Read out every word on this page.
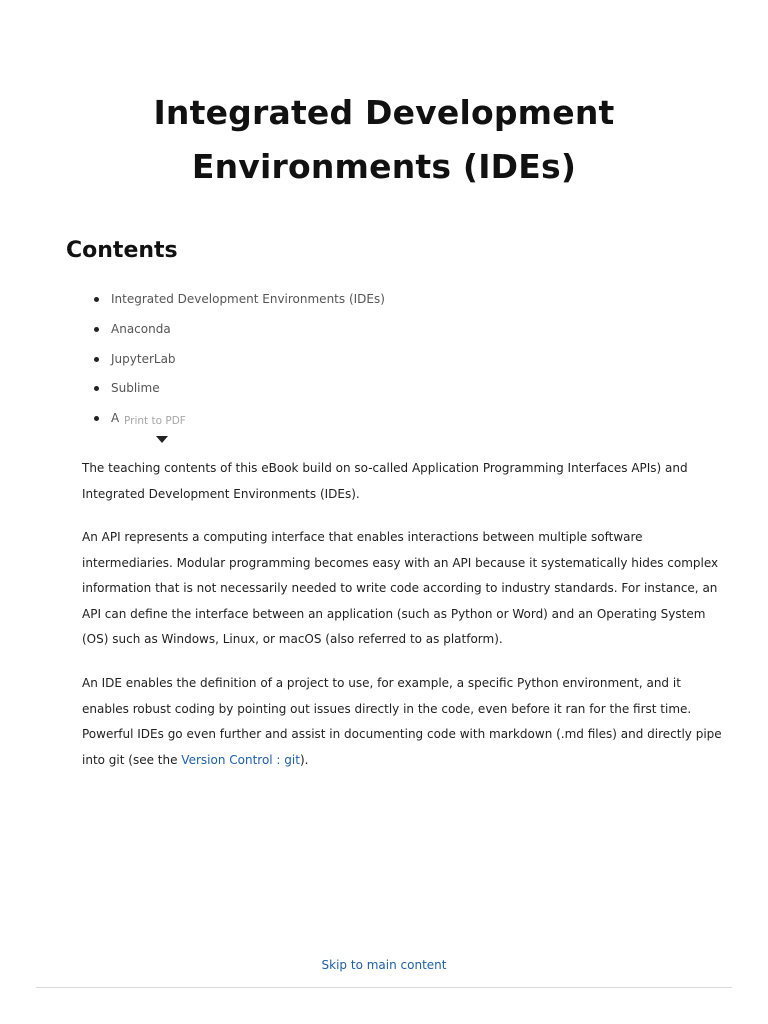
Integrated Development
Environments (IDEs)
Contents
Integrated Development Environments (IDEs)
Anaconda
JupyterLab
Sublime
A Print to PDF

The teaching contents of this eBook build on so-called Application Programming Interfaces APIs) and Integrated Development Environments (IDEs).

An API represents a computing interface that enables interactions between multiple software intermediaries. Modular programming becomes easy with an API because it systematically hides complex information that is not necessarily needed to write code according to industry standards. For instance, an API can define the interface between an application (such as Python or Word) and an Operating System (OS) such as Windows, Linux, or macOS (also referred to as platform).

An IDE enables the definition of a project to use, for example, a specific Python environment, and it enables robust coding by pointing out issues directly in the code, even before it ran for the first time. Powerful IDEs go even further and assist in documenting code with markdown (.md files) and directly pipe into git (see the Version Control : git).

Skip to main content
